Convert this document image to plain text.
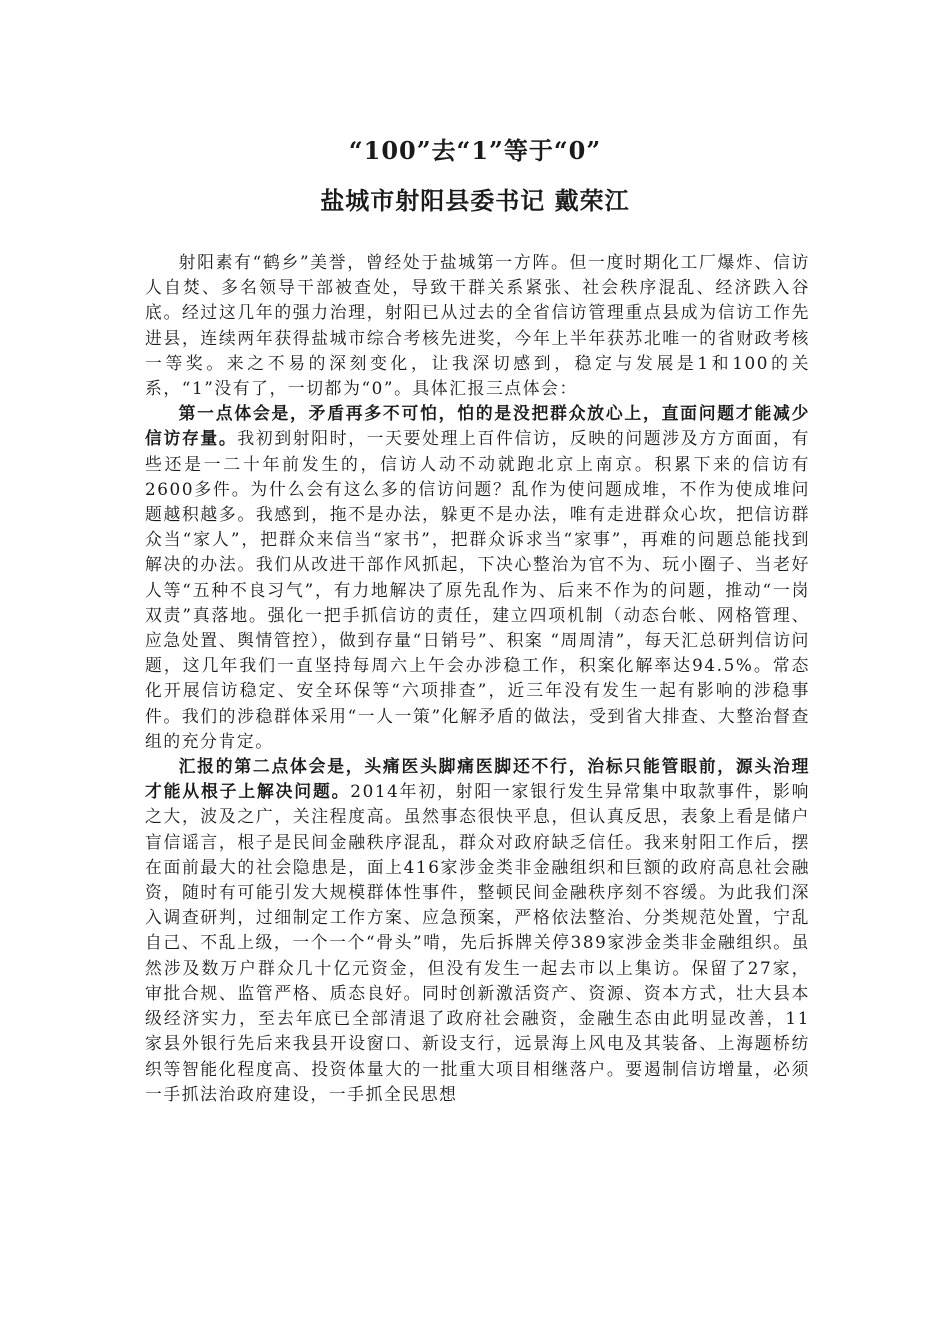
“100”去“1”等于“0”
盐城市射阳县委书记 戴荣江

射阳素有“鹤乡”美誉，曾经处于盐城第一方阵。但一度时期化工厂爆炸、信访人自焚、多名领导干部被查处，导致干群关系紧张、社会秩序混乱、经济跌入谷底。经过这几年的强力治理，射阳已从过去的全省信访管理重点县成为信访工作先进县，连续两年获得盐城市综合考核先进奖，今年上半年获苏北唯一的省财政考核一等奖。来之不易的深刻变化，让我深切感到，稳定与发展是1和100的关系，“1”没有了，一切都为“0”。具体汇报三点体会：

第一点体会是，矛盾再多不可怕，怕的是没把群众放心上，直面问题才能减少信访存量。我初到射阳时，一天要处理上百件信访，反映的问题涉及方方面面，有些还是一二十年前发生的，信访人动不动就跑北京上南京。积累下来的信访有2600多件。为什么会有这么多的信访问题？乱作为使问题成堆，不作为使成堆问题越积越多。我感到，拖不是办法，躲更不是办法，唯有走进群众心坎，把信访群众当“家人”，把群众来信当“家书”，把群众诉求当“家事”，再难的问题总能找到解决的办法。我们从改进干部作风抓起，下决心整治为官不为、玩小圈子、当老好人等“五种不良习气”，有力地解决了原先乱作为、后来不作为的问题，推动“一岗双责”真落地。强化一把手抓信访的责任，建立四项机制（动态台帐、网格管理、应急处置、舆情管控），做到存量“日销号”、积案 “周周清”，每天汇总研判信访问题，这几年我们一直坚持每周六上午会办涉稳工作，积案化解率达94.5%。常态化开展信访稳定、安全环保等“六项排查”，近三年没有发生一起有影响的涉稳事件。我们的涉稳群体采用“一人一策”化解矛盾的做法，受到省大排查、大整治督查组的充分肯定。

汇报的第二点体会是，头痛医头脚痛医脚还不行，治标只能管眼前，源头治理才能从根子上解决问题。2014年初，射阳一家银行发生异常集中取款事件，影响之大，波及之广，关注程度高。虽然事态很快平息，但认真反思，表象上看是储户盲信谣言，根子是民间金融秩序混乱，群众对政府缺乏信任。我来射阳工作后，摆在面前最大的社会隐患是，面上416家涉金类非金融组织和巨额的政府高息社会融资，随时有可能引发大规模群体性事件，整顿民间金融秩序刻不容缓。为此我们深入调查研判，过细制定工作方案、应急预案，严格依法整治、分类规范处置，宁乱自己、不乱上级，一个一个“骨头”啃，先后拆牌关停389家涉金类非金融组织。虽然涉及数万户群众几十亿元资金，但没有发生一起去市以上集访。保留了27家，审批合规、监管严格、质态良好。同时创新激活资产、资源、资本方式，壮大县本级经济实力，至去年底已全部清退了政府社会融资，金融生态由此明显改善，11家县外银行先后来我县开设窗口、新设支行，远景海上风电及其装备、上海题桥纺织等智能化程度高、投资体量大的一批重大项目相继落户。要遏制信访增量，必须一手抓法治政府建设，一手抓全民思想
